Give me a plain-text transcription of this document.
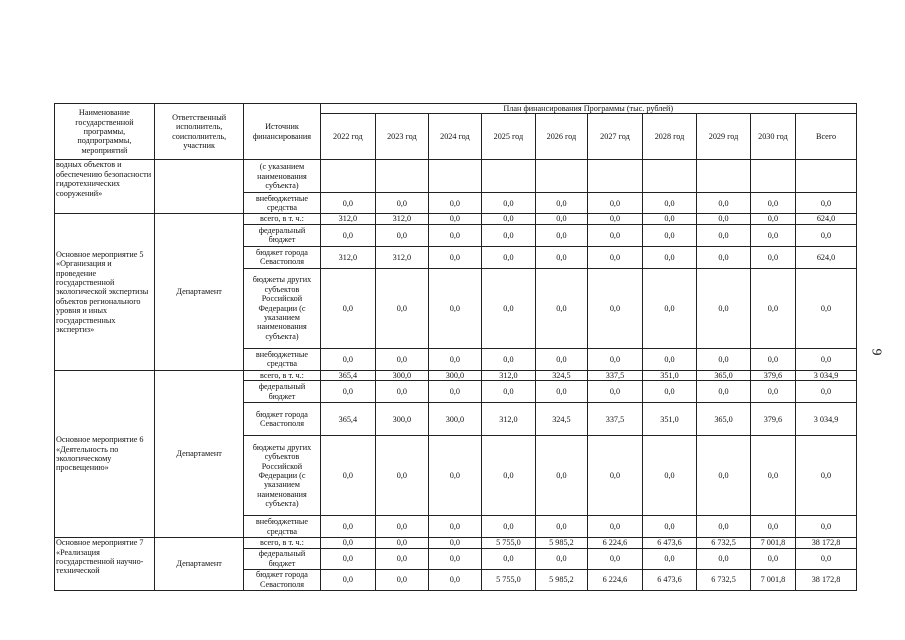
Наименование государственной программы, подпрограммы, мероприятий	Ответственный исполнитель, соисполнитель, участник	Источник финансирования	План финансирования Программы (тыс. рублей)									
			2022 год	2023 год	2024 год	2025 год	2026 год	2027 год	2028 год	2029 год	2030 год	Всего
водных объектов и обеспечению безопасности гидротехнических сооружений»		(с указанием наименования субъекта)										
		внебюджетные средства	0,0	0,0	0,0	0,0	0,0	0,0	0,0	0,0	0,0	0,0
Основное мероприятие 5 «Организация и проведение государственной экологической экспертизы объектов регионального уровня и иных государственных экспертиз»	Департамент	всего, в т. ч.:	312,0	312,0	0,0	0,0	0,0	0,0	0,0	0,0	0,0	624,0
		федеральный бюджет	0,0	0,0	0,0	0,0	0,0	0,0	0,0	0,0	0,0	0,0
		бюджет города Севастополя	312,0	312,0	0,0	0,0	0,0	0,0	0,0	0,0	0,0	624,0
		бюджеты других субъектов Российской Федерации (с указанием наименования субъекта)	0,0	0,0	0,0	0,0	0,0	0,0	0,0	0,0	0,0	0,0
		внебюджетные средства	0,0	0,0	0,0	0,0	0,0	0,0	0,0	0,0	0,0	0,0
Основное мероприятие 6 «Деятельность по экологическому просвещению»	Департамент	всего, в т. ч.:	365,4	300,0	300,0	312,0	324,5	337,5	351,0	365,0	379,6	3 034,9
		федеральный бюджет	0,0	0,0	0,0	0,0	0,0	0,0	0,0	0,0	0,0	0,0
		бюджет города Севастополя	365,4	300,0	300,0	312,0	324,5	337,5	351,0	365,0	379,6	3 034,9
		бюджеты других субъектов Российской Федерации (с указанием наименования субъекта)	0,0	0,0	0,0	0,0	0,0	0,0	0,0	0,0	0,0	0,0
		внебюджетные средства	0,0	0,0	0,0	0,0	0,0	0,0	0,0	0,0	0,0	0,0
Основное мероприятие 7 «Реализация государственной научно-технической	Департамент	всего, в т. ч.:	0,0	0,0	0,0	5 755,0	5 985,2	6 224,6	6 473,6	6 732,5	7 001,8	38 172,8
		федеральный бюджет	0,0	0,0	0,0	0,0	0,0	0,0	0,0	0,0	0,0	0,0
		бюджет города Севастополя	0,0	0,0	0,0	5 755,0	5 985,2	6 224,6	6 473,6	6 732,5	7 001,8	38 172,8
9
